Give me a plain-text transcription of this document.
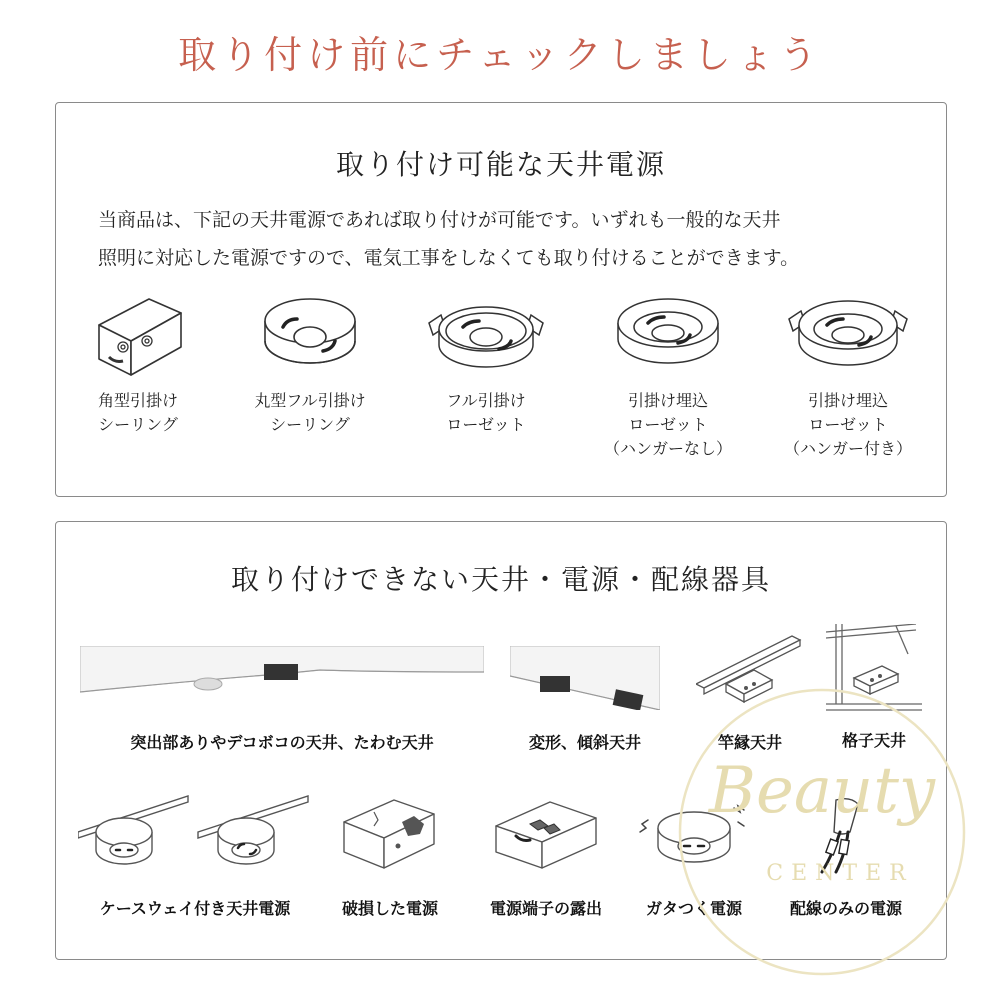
取り付け前にチェックしましょう
取り付け可能な天井電源

当商品は、下記の天井電源であれば取り付けが可能です。いずれも一般的な天井

照明に対応した電源ですので、電気工事をしなくても取り付けることができます。

角型引掛け
シーリング
丸型フル引掛け
シーリング
フル引掛け
ローゼット
引掛け埋込
ローゼット
（ハンガーなし）
引掛け埋込
ローゼット
（ハンガー付き）
取り付けできない天井・電源・配線器具
突出部ありやデコボコの天井、たわむ天井	変形、傾斜天井	竿縁天井	格子天井
ケースウェイ付き天井電源	破損した電源	電源端子の露出	ガタつく電源	配線のみの電源
Beauty
CENTER
